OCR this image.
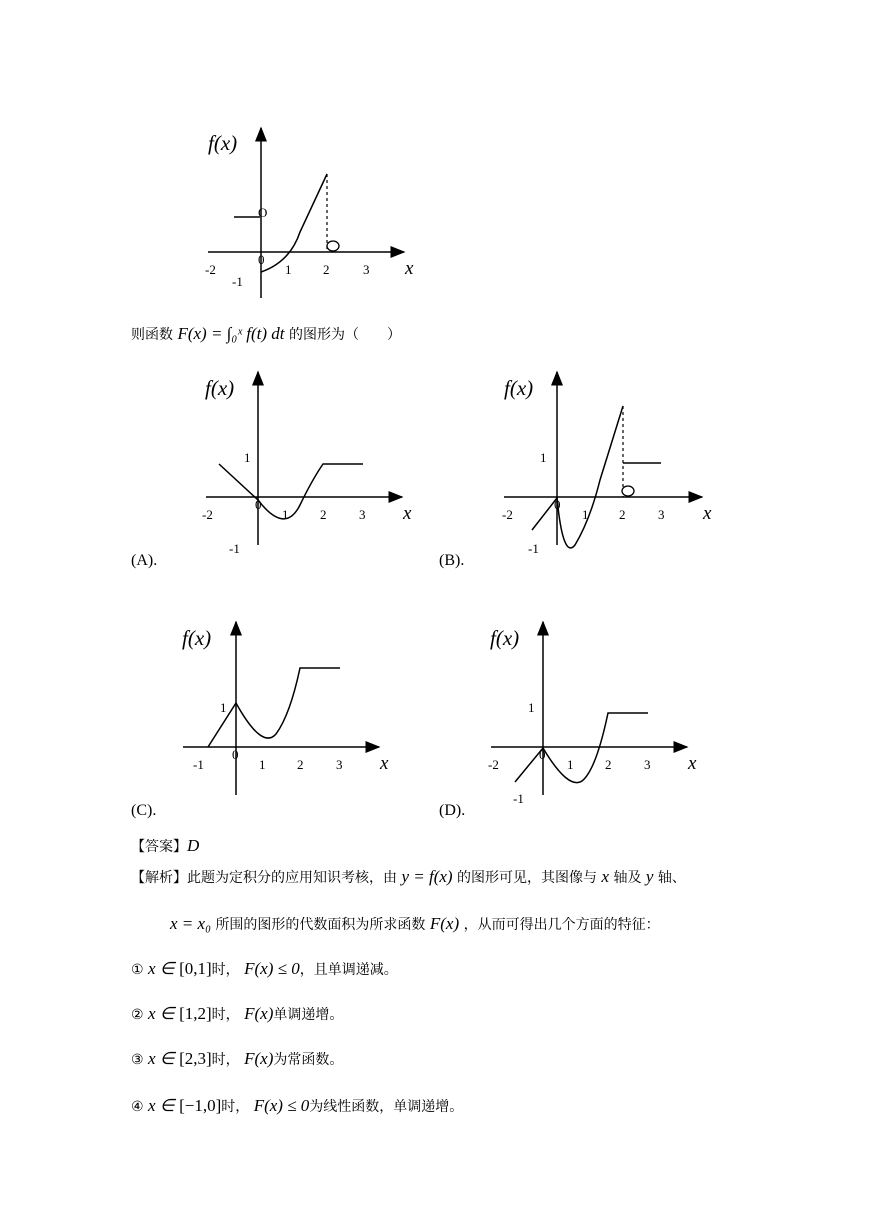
f(x)
x
-2	1 2	3
0
-1
O
f(x)
x
-2	1 2	3
0
1
-1
f(x)
x
-2	1 2	3
0
1
-1
f(x)
x
-1	1 2	3
0
1
f(x)
x
-2	1 2	3
0
1
-1
则函数 F(x) = ∫₀ˣ f(t) dt 的图形为（　　）
(A).	(B).
(C).	(D).
【答案】D
【解析】此题为定积分的应用知识考核，由 y = f(x) 的图形可见，其图像与 x 轴及 y 轴、
x = x₀ 所围的图形的代数面积为所求函数 F(x) ，从而可得出几个方面的特征：
① x ∈ [0,1]时， F(x) ≤ 0，且单调递减。
② x ∈ [1,2]时， F(x)单调递增。
③ x ∈ [2,3]时， F(x)为常函数。
④ x ∈ [−1,0]时， F(x) ≤ 0为线性函数，单调递增。
